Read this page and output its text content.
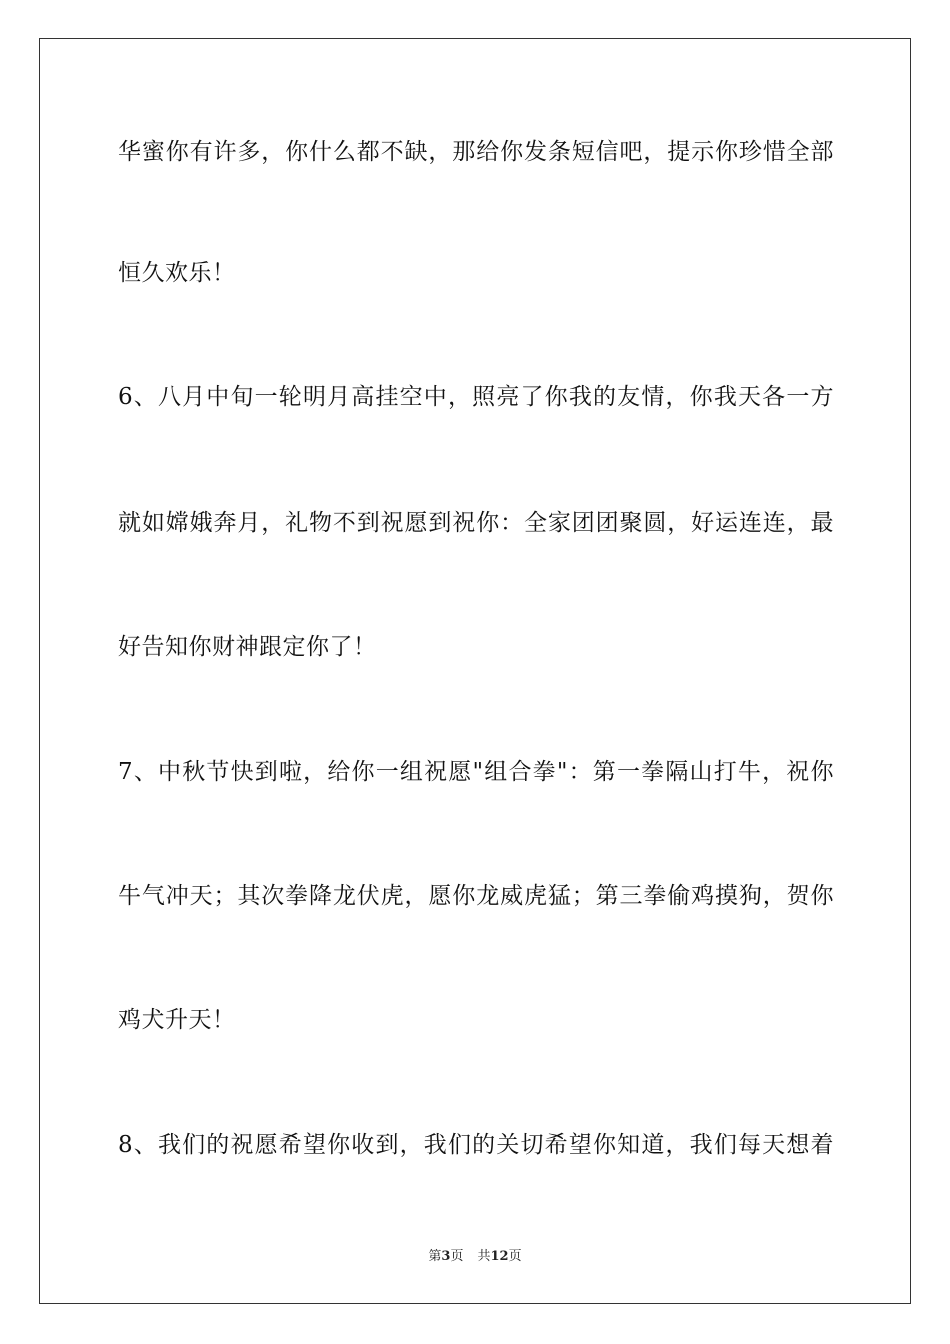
华蜜你有许多，你什么都不缺，那给你发条短信吧，提示你珍惜全部
恒久欢乐！
6、八月中旬一轮明月高挂空中，照亮了你我的友情，你我天各一方
就如嫦娥奔月，礼物不到祝愿到祝你：全家团团聚圆，好运连连，最
好告知你财神跟定你了！
7、中秋节快到啦，给你一组祝愿"组合拳"：第一拳隔山打牛，祝你
牛气冲天；其次拳降龙伏虎，愿你龙威虎猛；第三拳偷鸡摸狗，贺你
鸡犬升天！
8、我们的祝愿希望你收到，我们的关切希望你知道，我们每天想着
第3页 共12页
